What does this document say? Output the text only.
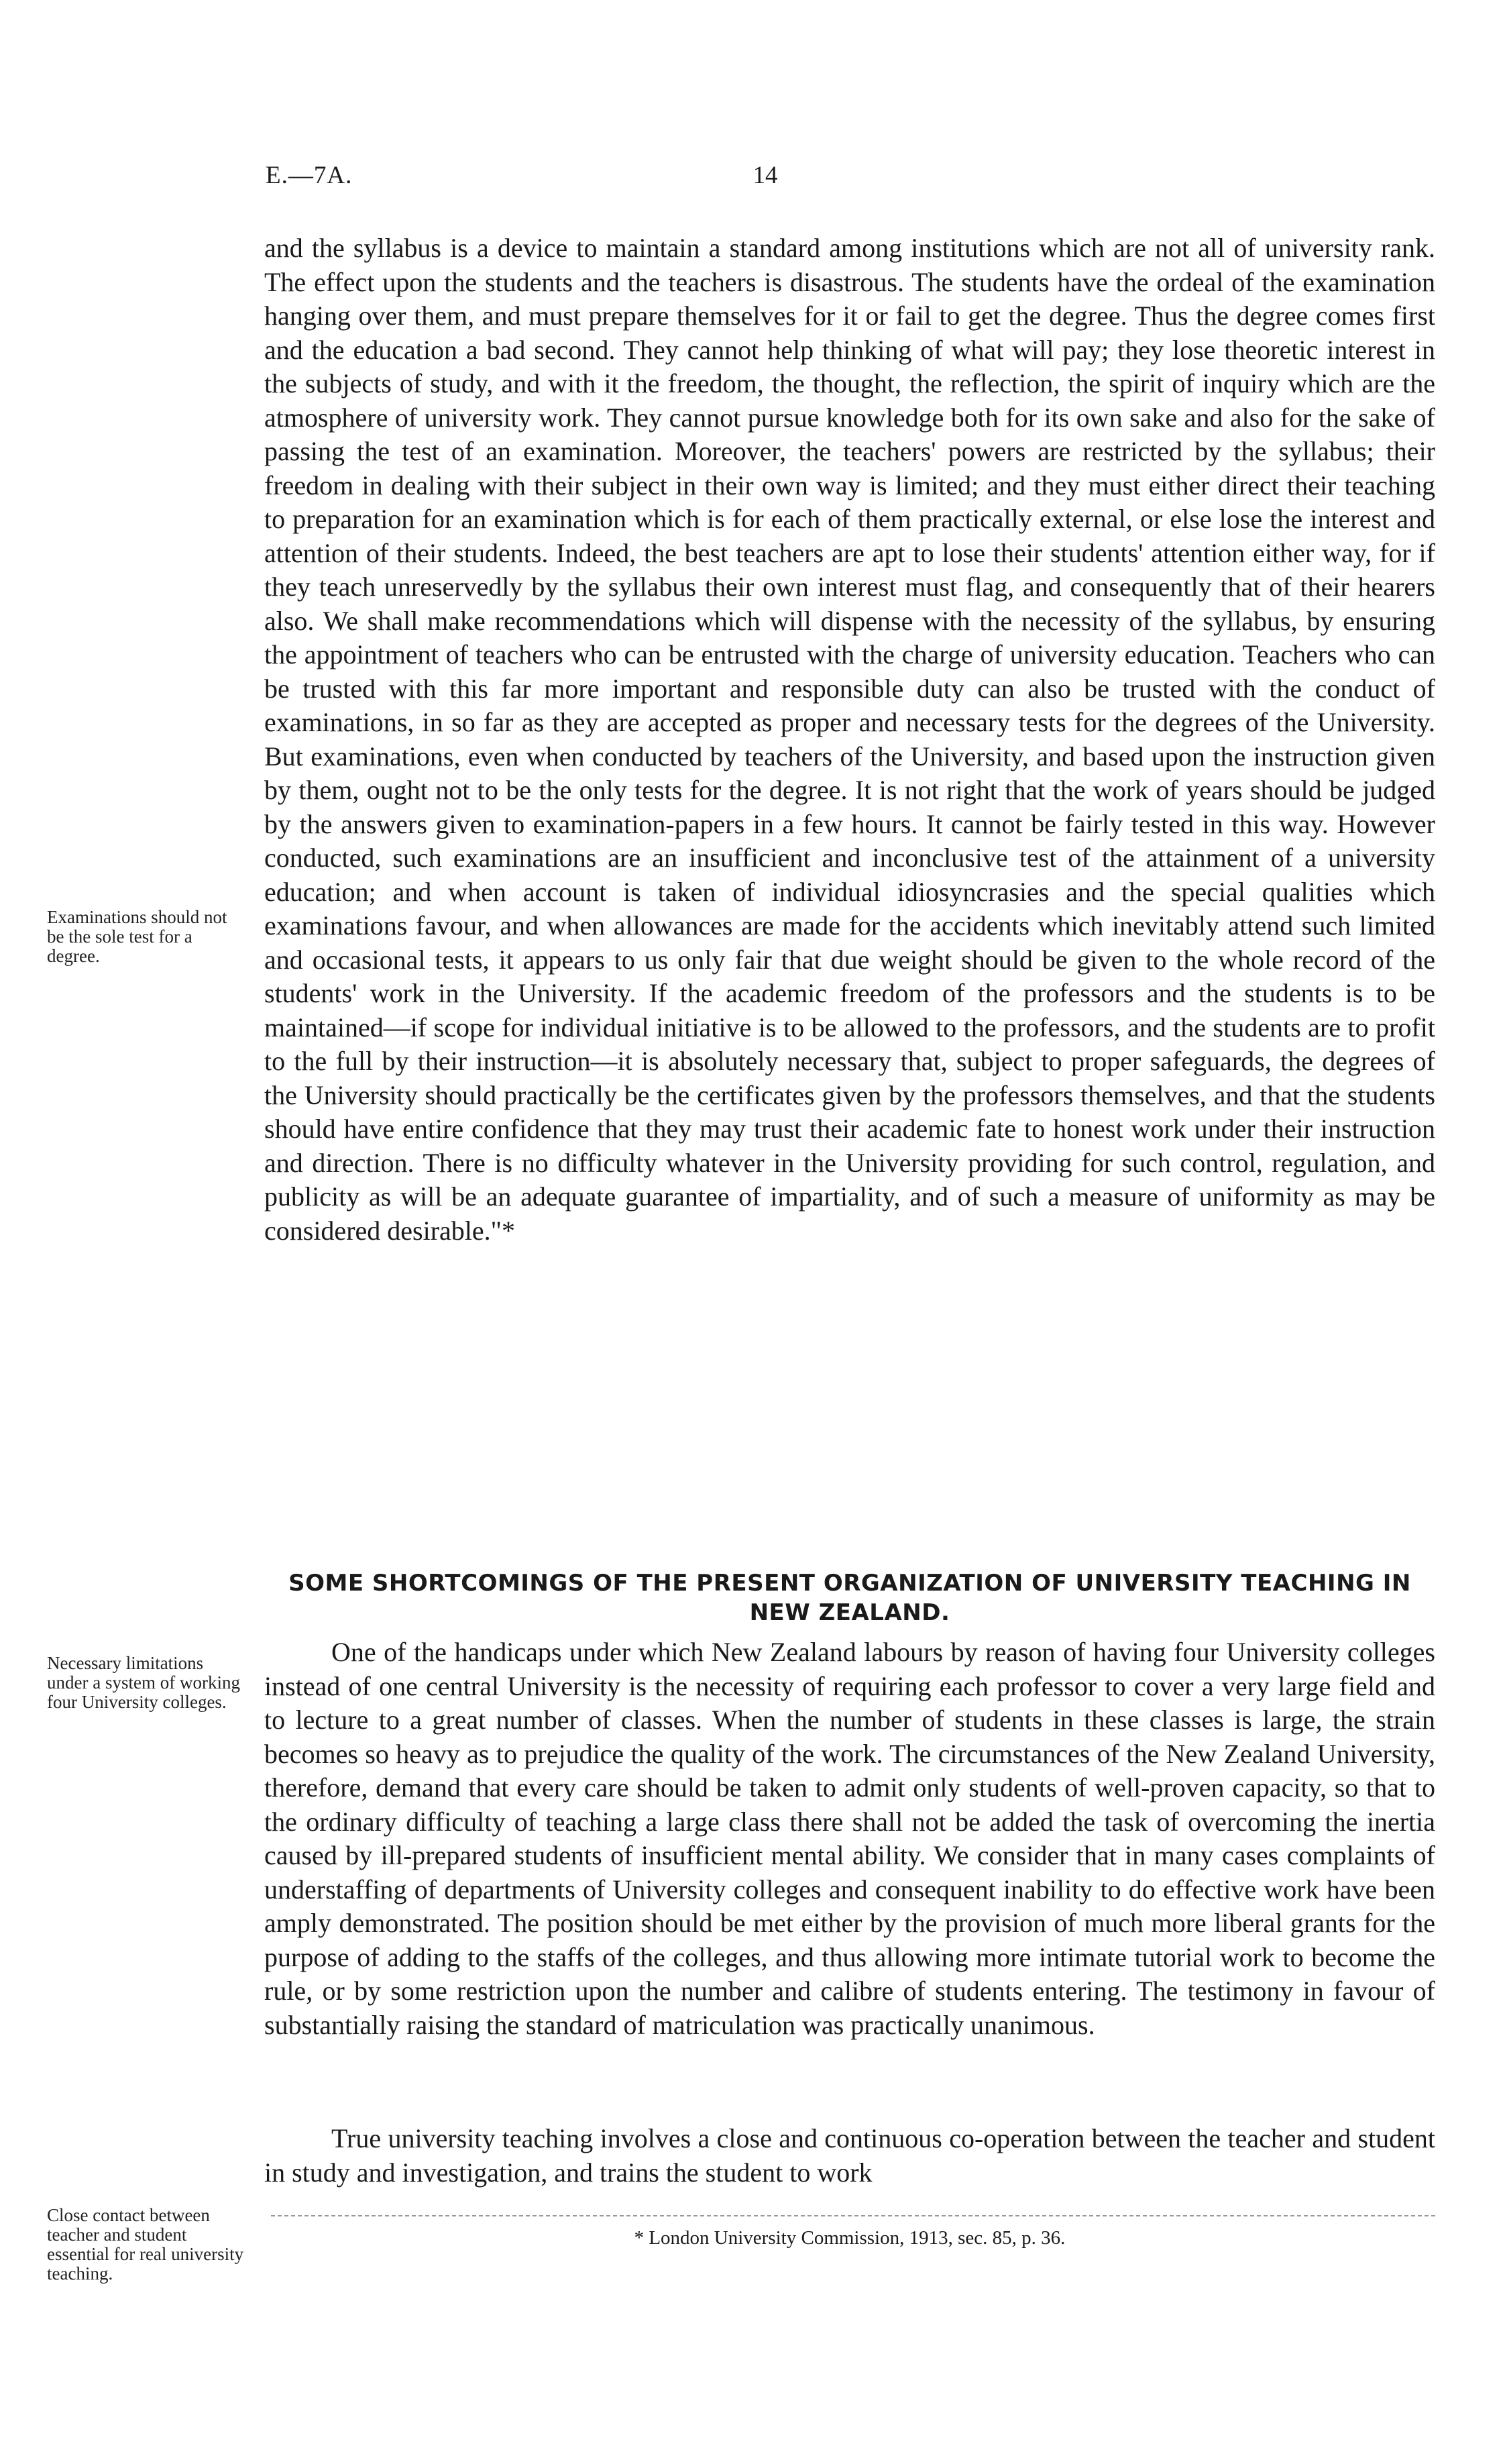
E.—7A.	14

and the syllabus is a device to maintain a standard among institutions which are not all of university rank. The effect upon the students and the teachers is disastrous. The students have the ordeal of the examination hanging over them, and must prepare themselves for it or fail to get the degree. Thus the degree comes first and the education a bad second. They cannot help thinking of what will pay; they lose theoretic interest in the subjects of study, and with it the freedom, the thought, the reflection, the spirit of inquiry which are the atmosphere of university work. They cannot pursue knowledge both for its own sake and also for the sake of passing the test of an examination. Moreover, the teachers' powers are restricted by the syllabus; their freedom in dealing with their subject in their own way is limited; and they must either direct their teaching to preparation for an examination which is for each of them practically external, or else lose the interest and attention of their students. Indeed, the best teachers are apt to lose their students' attention either way, for if they teach unreservedly by the syllabus their own interest must flag, and consequently that of their hearers also. We shall make recommendations which will dispense with the necessity of the syllabus, by ensuring the appointment of teachers who can be entrusted with the charge of university education. Teachers who can be trusted with this far more important and responsible duty can also be trusted with the conduct of examinations, in so far as they are accepted as proper and necessary tests for the degrees of the University. But examinations, even when conducted by teachers of the University, and based upon the instruction given by them, ought not to be the only tests for the degree. It is not right that the work of years should be judged by the answers given to examination-papers in a few hours. It cannot be fairly tested in this way. However conducted, such examinations are an insufficient and inconclusive test of the attainment of a university education; and when account is taken of individual idiosyncrasies and the special qualities which examinations favour, and when allowances are made for the accidents which inevitably attend such limited and occasional tests, it appears to us only fair that due weight should be given to the whole record of the students' work in the University. If the academic freedom of the professors and the students is to be maintained—if scope for individual initiative is to be allowed to the professors, and the students are to profit to the full by their instruction—it is absolutely necessary that, subject to proper safeguards, the degrees of the University should practically be the certificates given by the professors themselves, and that the students should have entire confidence that they may trust their academic fate to honest work under their instruction and direction. There is no difficulty whatever in the University providing for such control, regulation, and publicity as will be an adequate guarantee of impartiality, and of such a measure of uniformity as may be considered desirable."*

SOME SHORTCOMINGS OF THE PRESENT ORGANIZATION OF UNIVERSITY TEACHING IN NEW ZEALAND.

One of the handicaps under which New Zealand labours by reason of having four University colleges instead of one central University is the necessity of requiring each professor to cover a very large field and to lecture to a great number of classes. When the number of students in these classes is large, the strain becomes so heavy as to prejudice the quality of the work. The circumstances of the New Zealand University, therefore, demand that every care should be taken to admit only students of well-proven capacity, so that to the ordinary difficulty of teaching a large class there shall not be added the task of overcoming the inertia caused by ill-prepared students of insufficient mental ability. We consider that in many cases complaints of understaffing of departments of University colleges and consequent inability to do effective work have been amply demonstrated. The position should be met either by the provision of much more liberal grants for the purpose of adding to the staffs of the colleges, and thus allowing more intimate tutorial work to become the rule, or by some restriction upon the number and calibre of students entering. The testimony in favour of substantially raising the standard of matriculation was practically unanimous.

True university teaching involves a close and continuous co-operation between the teacher and student in study and investigation, and trains the student to work

Examinations should not be the sole test for a degree.
Necessary limitations under a system of working four University colleges.
Close contact between teacher and student essential for real university teaching.
* London University Commission, 1913, sec. 85, p. 36.
